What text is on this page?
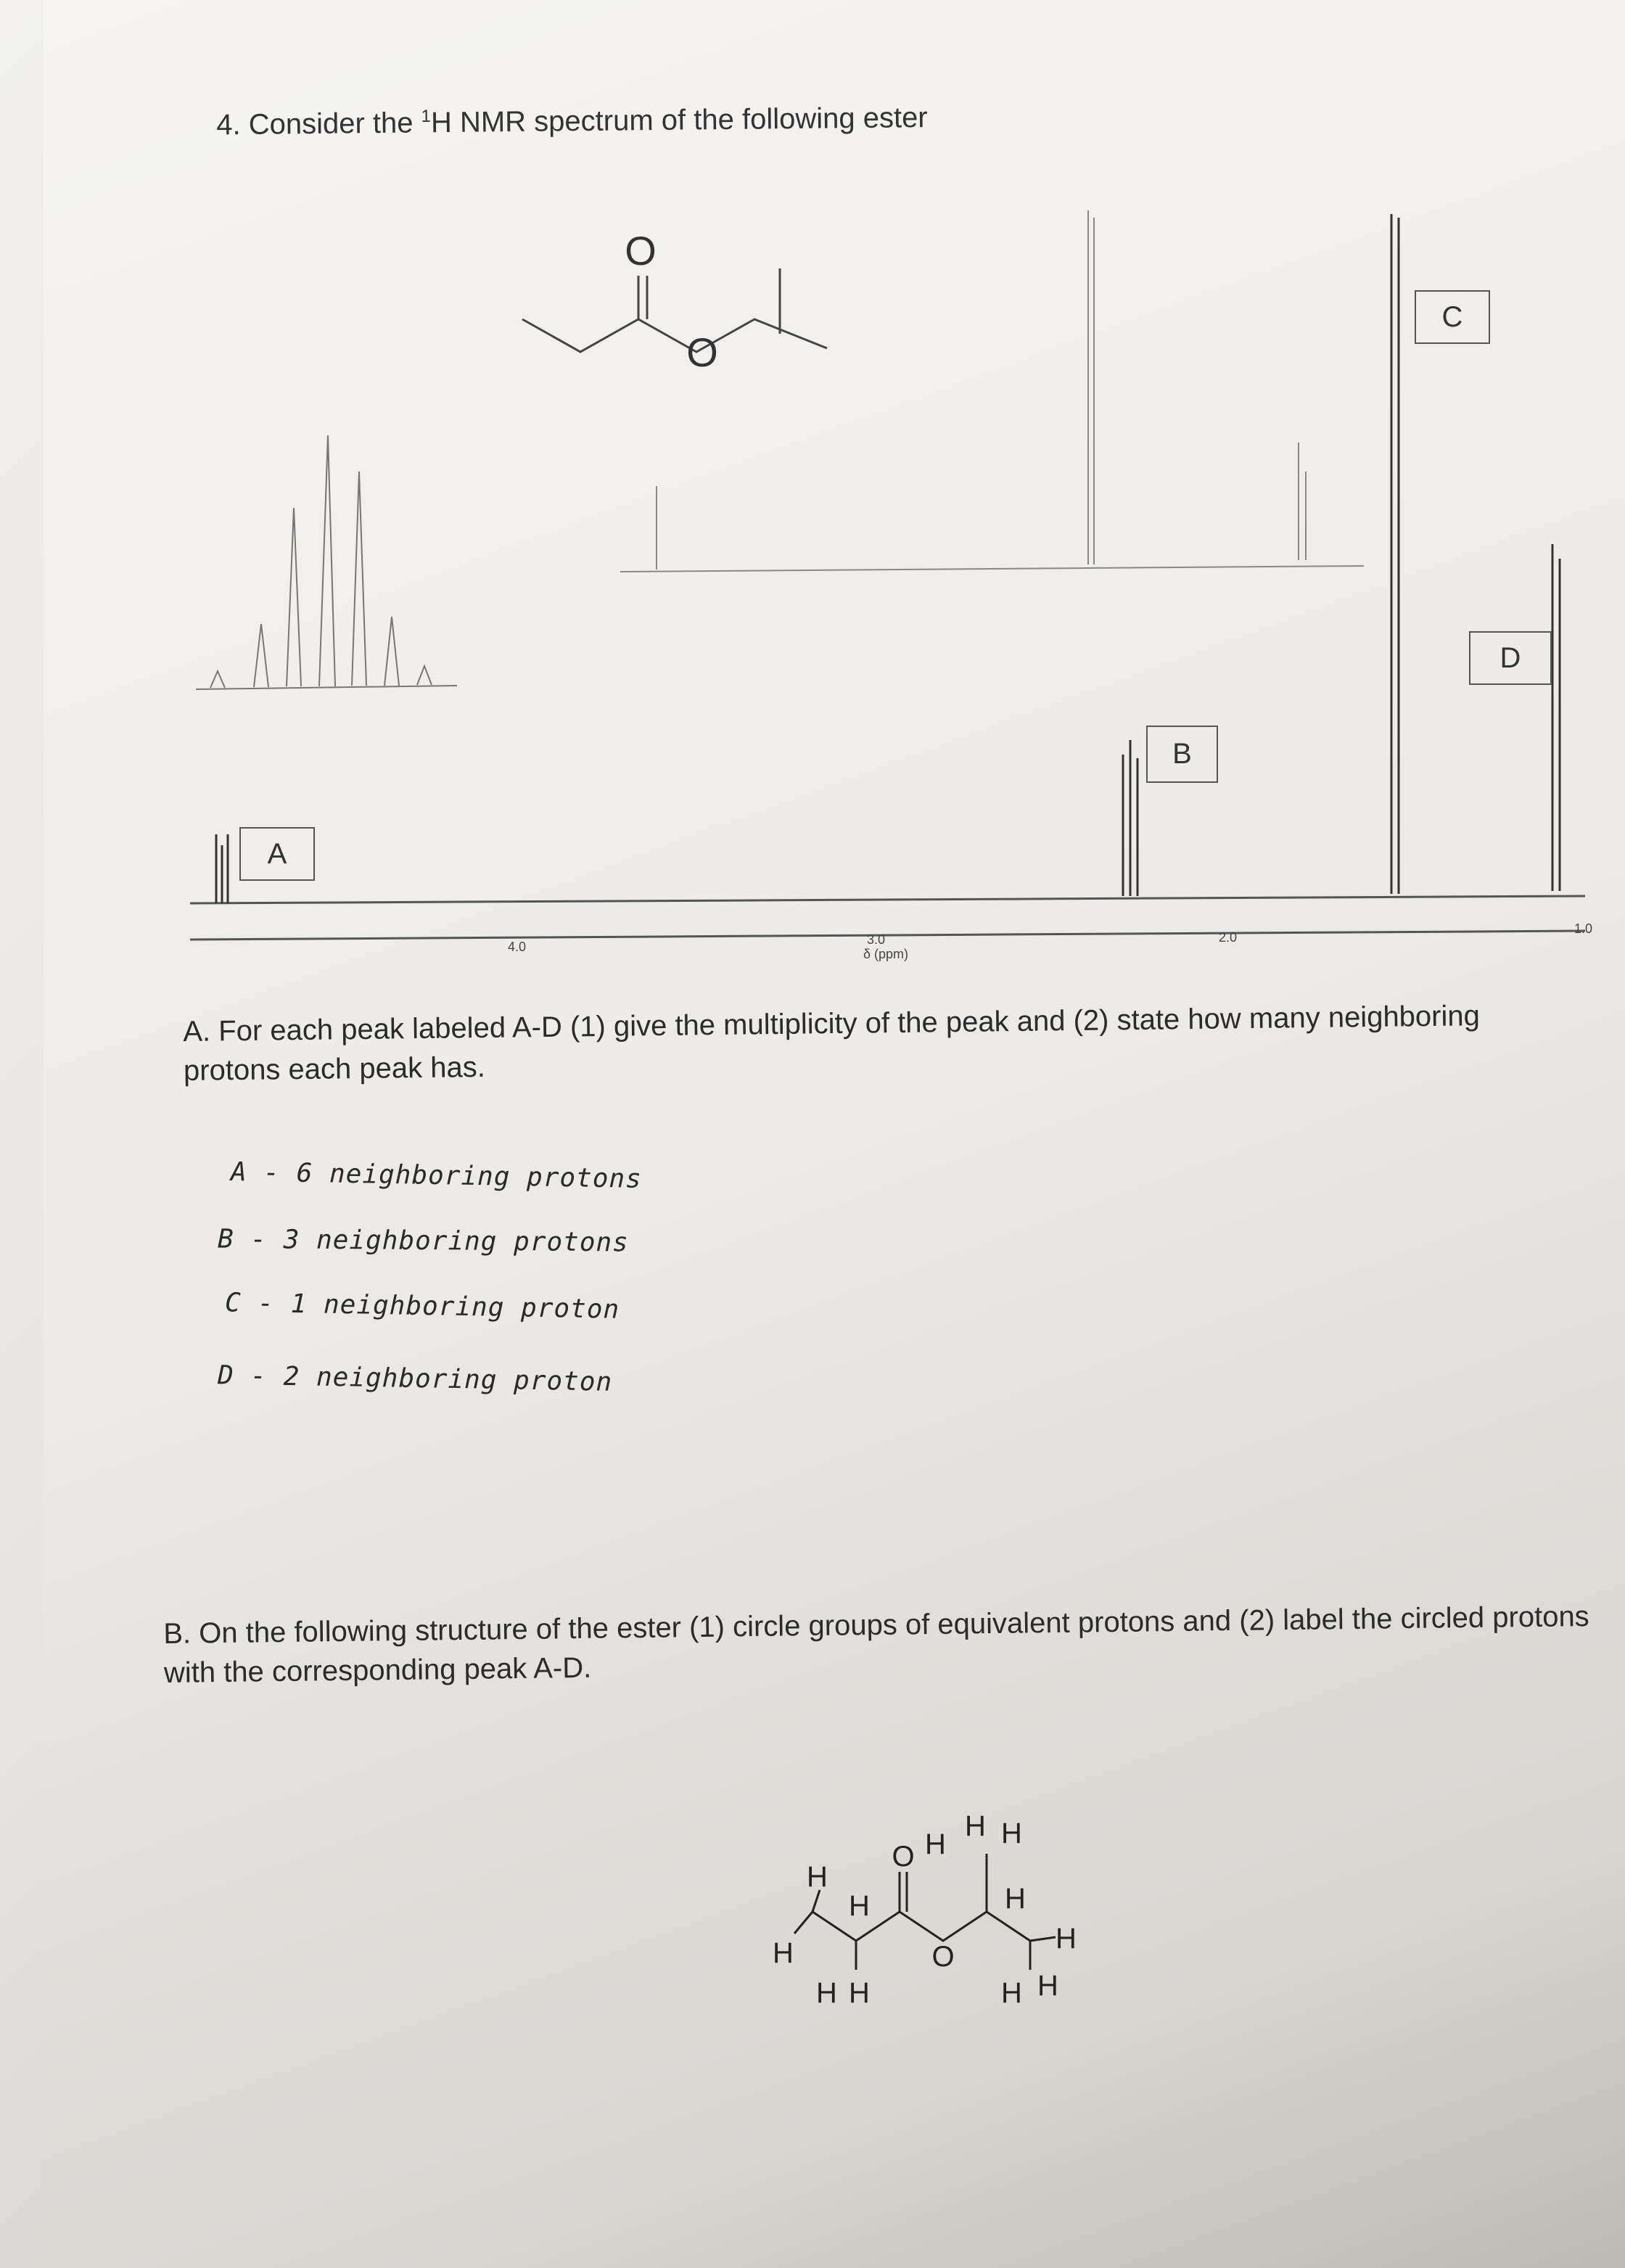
4. Consider the $^1$H NMR spectrum of the following ester
O
O
A
B
C
D
4.0	3.0
δ (ppm)
2.0
1.0
A. For each peak labeled A-D (1) give the multiplicity of the peak and (2) state how many neighboring protons each peak has.
A - 6 neighboring protons
B - 3 neighboring protons
C - 1 neighboring proton
D - 2 neighboring proton
B. On the following structure of the ester (1) circle groups of equivalent protons and (2) label the circled protons with the corresponding peak A-D.
O
O
H
H
H
H H
H
H H
H
H
H H
